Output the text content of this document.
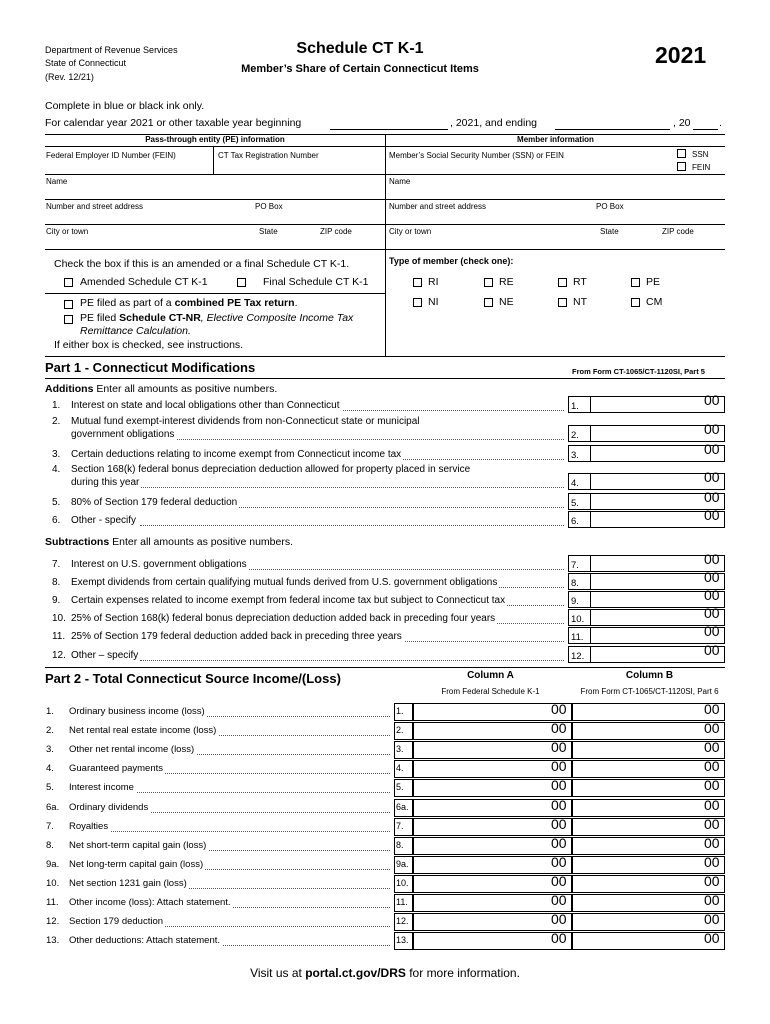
Department of Revenue Services
State of Connecticut
(Rev. 12/21)
Schedule CT K-1
Member’s Share of Certain Connecticut Items
2021
Complete in blue or black ink only.
For calendar year 2021 or other taxable year beginning	, 2021, and ending	, 20	.
Pass-through entity (PE) information	Member information
Federal Employer ID Number (FEIN)	CT Tax Registration Number	Member’s Social Security Number (SSN) or FEIN	SSN
FEIN
Name	Name
Number and street address	PO Box	Number and street address	PO Box
City or town	State	ZIP code	City or town	State	ZIP code
Check the box if this is an amended or a final Schedule CT K-1.
Amended Schedule CT K-1	Final Schedule CT K-1
PE filed as part of a combined PE Tax return.
PE filed Schedule CT-NR, Elective Composite Income Tax
Remittance Calculation.
If either box is checked, see instructions.
Type of member (check one):
RI	RE	RT	PE
NI	NE	NT	CM
Part 1 - Connecticut Modifications	From Form CT-1065/CT-1120SI, Part 5
Additions Enter all amounts as positive numbers.
1. Interest on state and local obligations other than Connecticut	1.	00
2. Mutual fund exempt-interest dividends from non-Connecticut state or municipal
government obligations	2.	00
3. Certain deductions relating to income exempt from Connecticut income tax	3.	00
4. Section 168(k) federal bonus depreciation deduction allowed for property placed in service
during this year	4.	00
5. 80% of Section 179 federal deduction	5.	00
6. Other - specify	6.	00
Subtractions Enter all amounts as positive numbers.
7. Interest on U.S. government obligations	7.	00
8. Exempt dividends from certain qualifying mutual funds derived from U.S. government obligations	8.	00
9. Certain expenses related to income exempt from federal income tax but subject to Connecticut tax	9.	00
10. 25% of Section 168(k) federal bonus depreciation deduction added back in preceding four years	10.	00
11. 25% of Section 179 federal deduction added back in preceding three years	11.	00
12. Other – specify	12.	00
Part 2 - Total Connecticut Source Income/(Loss)	Column A
From Federal Schedule K-1
Column B
From Form CT-1065/CT-1120SI, Part 6
1. Ordinary business income (loss)	1.	00	00
2. Net rental real estate income (loss)	2.	00	00
3. Other net rental income (loss)	3.	00	00
4. Guaranteed payments	4.	00	00
5. Interest income	5.	00	00
6a. Ordinary dividends	6a.	00	00
7. Royalties	7.	00	00
8. Net short-term capital gain (loss)	8.	00	00
9a. Net long-term capital gain (loss)	9a.	00	00
10. Net section 1231 gain (loss)	10.	00	00
11. Other income (loss): Attach statement.	11.	00	00
12. Section 179 deduction	12.	00	00
13. Other deductions: Attach statement.	13.	00	00
Visit us at portal.ct.gov/DRS for more information.
